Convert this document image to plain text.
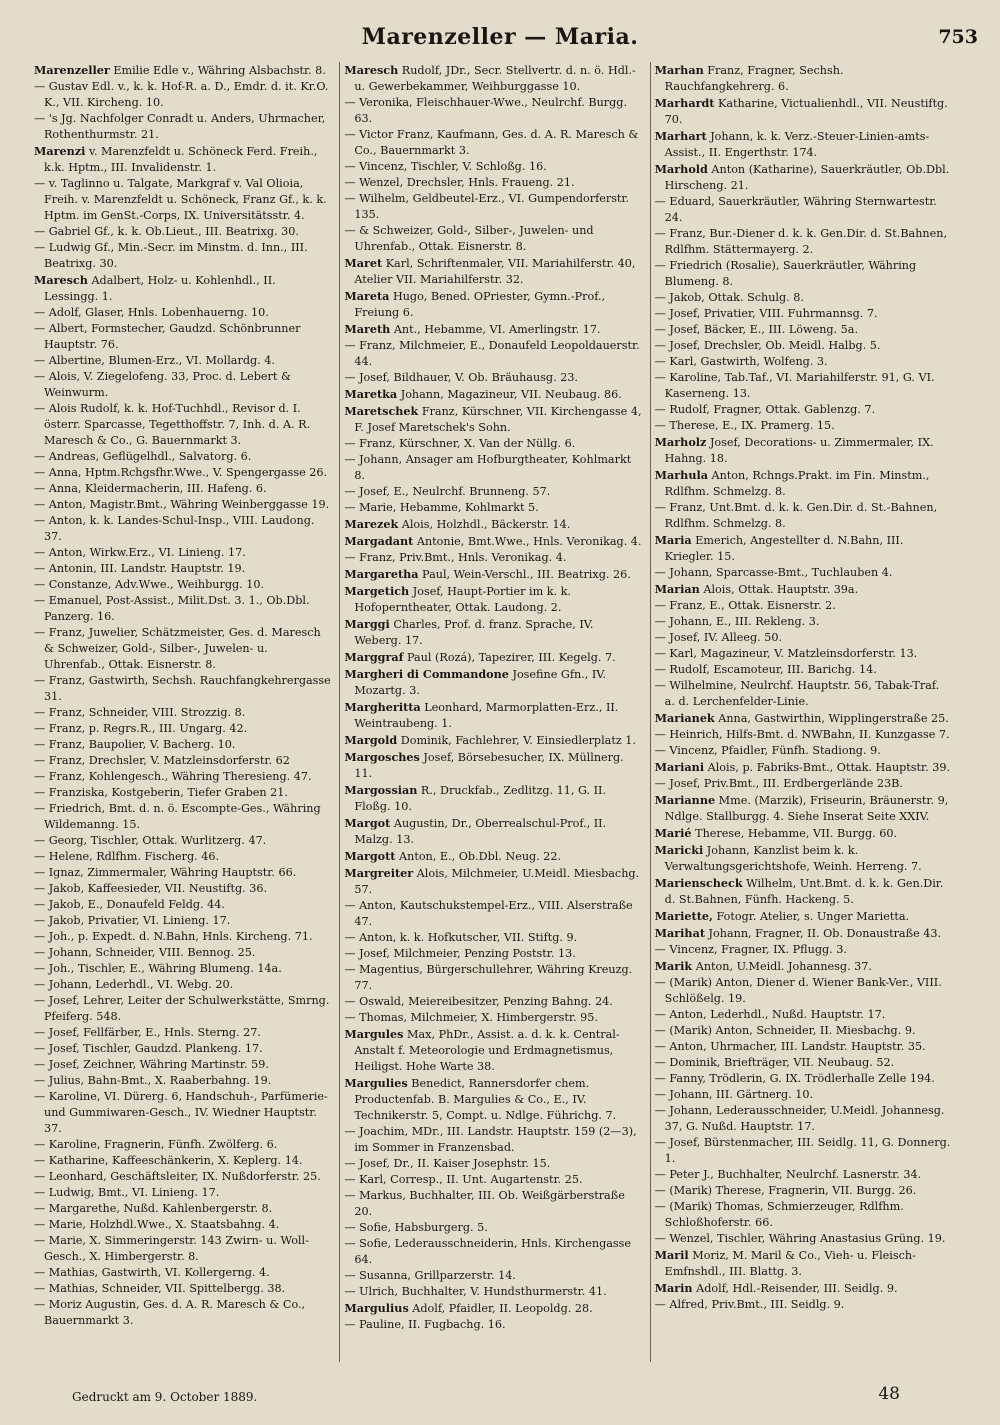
Marenzeller — Maria.	753

Marenzeller Emilie Edle v., Währing Alsbachstr. 8.

— Gustav Edl. v., k. k. Hof-R. a. D., Emdr. d. it. Kr.O. K., VII. Kircheng. 10.

— 's Jg. Nachfolger Conradt u. Anders, Uhrmacher, Rothenthurmstr. 21.

Marenzi v. Marenzfeldt u. Schöneck Ferd. Freih., k.k. Hptm., III. Invalidenstr. 1.

— v. Taglinno u. Talgate, Markgraf v. Val Olioia, Freih. v. Marenzfeldt u. Schöneck, Franz Gf., k. k. Hptm. im GenSt.-Corps, IX. Universitätsstr. 4.

— Gabriel Gf., k. k. Ob.Lieut., III. Beatrixg. 30.

— Ludwig Gf., Min.-Secr. im Minstm. d. Inn., III. Beatrixg. 30.

Maresch Adalbert, Holz- u. Kohlenhdl., II. Lessingg. 1.

— Adolf, Glaser, Hnls. Lobenhauerng. 10.

— Albert, Formstecher, Gaudzd. Schönbrunner Hauptstr. 76.

— Albertine, Blumen-Erz., VI. Mollardg. 4.

— Alois, V. Ziegelofeng. 33, Proc. d. Lebert & Weinwurm.

— Alois Rudolf, k. k. Hof-Tuchhdl., Revisor d. I. österr. Sparcasse, Tegetthoffstr. 7, Inh. d. A. R. Maresch & Co., G. Bauernmarkt 3.

— Andreas, Geflügelhdl., Salvatorg. 6.

— Anna, Hptm.Rchgsfhr.Wwe., V. Spengergasse 26.

— Anna, Kleidermacherin, III. Hafeng. 6.

— Anton, Magistr.Bmt., Währing Weinberggasse 19.

— Anton, k. k. Landes-Schul-Insp., VIII. Laudong. 37.

— Anton, Wirkw.Erz., VI. Linieng. 17.

— Antonin, III. Landstr. Hauptstr. 19.

— Constanze, Adv.Wwe., Weihburgg. 10.

— Emanuel, Post-Assist., Milit.Dst. 3. 1., Ob.Dbl. Panzerg. 16.

— Franz, Juwelier, Schätzmeister, Ges. d. Maresch & Schweizer, Gold-, Silber-, Juwelen- u. Uhrenfab., Ottak. Eisnerstr. 8.

— Franz, Gastwirth, Sechsh. Rauchfangkehrergasse 31.

— Franz, Schneider, VIII. Strozzig. 8.

— Franz, p. Regrs.R., III. Ungarg. 42.

— Franz, Baupolier, V. Bacherg. 10.

— Franz, Drechsler, V. Matzleinsdorferstr. 62

— Franz, Kohlengesch., Währing Theresieng. 47.

— Franziska, Kostgeberin, Tiefer Graben 21.

— Friedrich, Bmt. d. n. ö. Escompte-Ges., Währing Wildemanng. 15.

— Georg, Tischler, Ottak. Wurlitzerg. 47.

— Helene, Rdlfhm. Fischerg. 46.

— Ignaz, Zimmermaler, Währing Hauptstr. 66.

— Jakob, Kaffeesieder, VII. Neustiftg. 36.

— Jakob, E., Donaufeld Feldg. 44.

— Jakob, Privatier, VI. Linieng. 17.

— Joh., p. Expedt. d. N.Bahn, Hnls. Kircheng. 71.

— Johann, Schneider, VIII. Bennog. 25.

— Joh., Tischler, E., Währing Blumeng. 14a.

— Johann, Lederhdl., VI. Webg. 20.

— Josef, Lehrer, Leiter der Schulwerkstätte, Smrng. Pfeiferg. 548.

— Josef, Fellfärber, E., Hnls. Sterng. 27.

— Josef, Tischler, Gaudzd. Plankeng. 17.

— Josef, Zeichner, Währing Martinstr. 59.

— Julius, Bahn-Bmt., X. Raaberbahng. 19.

— Karoline, VI. Dürerg. 6, Handschuh-, Parfümerie- und Gummiwaren-Gesch., IV. Wiedner Hauptstr. 37.

— Karoline, Fragnerin, Fünfh. Zwölferg. 6.

— Katharine, Kaffeeschänkerin, X. Keplerg. 14.

— Leonhard, Geschäftsleiter, IX. Nußdorferstr. 25.

— Ludwig, Bmt., VI. Linieng. 17.

— Margarethe, Nußd. Kahlenbergerstr. 8.

— Marie, Holzhdl.Wwe., X. Staatsbahng. 4.

— Marie, X. Simmeringerstr. 143 Zwirn- u. Woll-Gesch., X. Himbergerstr. 8.

— Mathias, Gastwirth, VI. Kollergerng. 4.

— Mathias, Schneider, VII. Spittelbergg. 38.

— Moriz Augustin, Ges. d. A. R. Maresch & Co., Bauernmarkt 3.

Maresch Rudolf, JDr., Secr. Stellvertr. d. n. ö. Hdl.- u. Gewerbekammer, Weihburggasse 10.

— Veronika, Fleischhauer-Wwe., Neulrchf. Burgg. 63.

— Victor Franz, Kaufmann, Ges. d. A. R. Maresch & Co., Bauernmarkt 3.

— Vincenz, Tischler, V. Schloßg. 16.

— Wenzel, Drechsler, Hnls. Fraueng. 21.

— Wilhelm, Geldbeutel-Erz., VI. Gumpendorferstr. 135.

— & Schweizer, Gold-, Silber-, Juwelen- und Uhrenfab., Ottak. Eisnerstr. 8.

Maret Karl, Schriftenmaler, VII. Mariahilferstr. 40, Atelier VII. Mariahilferstr. 32.

Mareta Hugo, Bened. OPriester, Gymn.-Prof., Freiung 6.

Mareth Ant., Hebamme, VI. Amerlingstr. 17.

— Franz, Milchmeier, E., Donaufeld Leopoldauerstr. 44.

— Josef, Bildhauer, V. Ob. Bräuhausg. 23.

Maretka Johann, Magazineur, VII. Neubaug. 86.

Maretschek Franz, Kürschner, VII. Kirchengasse 4, F. Josef Maretschek's Sohn.

— Franz, Kürschner, X. Van der Nüllg. 6.

— Johann, Ansager am Hofburgtheater, Kohlmarkt 8.

— Josef, E., Neulrchf. Brunneng. 57.

— Marie, Hebamme, Kohlmarkt 5.

Marezek Alois, Holzhdl., Bäckerstr. 14.

Margadant Antonie, Bmt.Wwe., Hnls. Veronikag. 4.

— Franz, Priv.Bmt., Hnls. Veronikag. 4.

Margaretha Paul, Wein-Verschl., III. Beatrixg. 26.

Margetich Josef, Haupt-Portier im k. k. Hofoperntheater, Ottak. Laudong. 2.

Marggi Charles, Prof. d. franz. Sprache, IV. Weberg. 17.

Marggraf Paul (Rozá), Tapezirer, III. Kegelg. 7.

Margheri di Commandone Josefine Gfn., IV. Mozartg. 3.

Margheritta Leonhard, Marmorplatten-Erz., II. Weintraubeng. 1.

Margold Dominik, Fachlehrer, V. Einsiedlerplatz 1.

Margosches Josef, Börsebesucher, IX. Müllnerg. 11.

Margossian R., Druckfab., Zedlitzg. 11, G. II. Floßg. 10.

Margot Augustin, Dr., Oberrealschul-Prof., II. Malzg. 13.

Margott Anton, E., Ob.Dbl. Neug. 22.

Margreiter Alois, Milchmeier, U.Meidl. Miesbachg. 57.

— Anton, Kautschukstempel-Erz., VIII. Alserstraße 47.

— Anton, k. k. Hofkutscher, VII. Stiftg. 9.

— Josef, Milchmeier, Penzing Poststr. 13.

— Magentius, Bürgerschullehrer, Währing Kreuzg. 77.

— Oswald, Meiereibesitzer, Penzing Bahng. 24.

— Thomas, Milchmeier, X. Himbergerstr. 95.

Margules Max, PhDr., Assist. a. d. k. k. Central-Anstalt f. Meteorologie und Erdmagnetismus, Heiligst. Hohe Warte 38.

Margulies Benedict, Rannersdorfer chem. Productenfab. B. Margulies & Co., E., IV. Technikerstr. 5, Compt. u. Ndlge. Führichg. 7.

— Joachim, MDr., III. Landstr. Hauptstr. 159 (2—3), im Sommer in Franzensbad.

— Josef, Dr., II. Kaiser Josephstr. 15.

— Karl, Corresp., II. Unt. Augartenstr. 25.

— Markus, Buchhalter, III. Ob. Weißgärberstraße 20.

— Sofie, Habsburgerg. 5.

— Sofie, Lederausschneiderin, Hnls. Kirchengasse 64.

— Susanna, Grillparzerstr. 14.

— Ulrich, Buchhalter, V. Hundsthurmerstr. 41.

Margulius Adolf, Pfaidler, II. Leopoldg. 28.

— Pauline, II. Fugbachg. 16.

Marhan Franz, Fragner, Sechsh. Rauchfangkehrerg. 6.

Marhardt Katharine, Victualienhdl., VII. Neustiftg. 70.

Marhart Johann, k. k. Verz.-Steuer-Linien-amts-Assist., II. Engerthstr. 174.

Marhold Anton (Katharine), Sauerkräutler, Ob.Dbl. Hirscheng. 21.

— Eduard, Sauerkräutler, Währing Sternwartestr. 24.

— Franz, Bur.-Diener d. k. k. Gen.Dir. d. St.Bahnen, Rdlfhm. Stättermayerg. 2.

— Friedrich (Rosalie), Sauerkräutler, Währing Blumeng. 8.

— Jakob, Ottak. Schulg. 8.

— Josef, Privatier, VIII. Fuhrmannsg. 7.

— Josef, Bäcker, E., III. Löweng. 5a.

— Josef, Drechsler, Ob. Meidl. Halbg. 5.

— Karl, Gastwirth, Wolfeng. 3.

— Karoline, Tab.Taf., VI. Mariahilferstr. 91, G. VI. Kaserneng. 13.

— Rudolf, Fragner, Ottak. Gablenzg. 7.

— Therese, E., IX. Pramerg. 15.

Marholz Josef, Decorations- u. Zimmermaler, IX. Hahng. 18.

Marhula Anton, Rchngs.Prakt. im Fin. Minstm., Rdlfhm. Schmelzg. 8.

— Franz, Unt.Bmt. d. k. k. Gen.Dir. d. St.-Bahnen, Rdlfhm. Schmelzg. 8.

Maria Emerich, Angestellter d. N.Bahn, III. Kriegler. 15.

— Johann, Sparcasse-Bmt., Tuchlauben 4.

Marian Alois, Ottak. Hauptstr. 39a.

— Franz, E., Ottak. Eisnerstr. 2.

— Johann, E., III. Rekleng. 3.

— Josef, IV. Alleeg. 50.

— Karl, Magazineur, V. Matzleinsdorferstr. 13.

— Rudolf, Escamoteur, III. Barichg. 14.

— Wilhelmine, Neulrchf. Hauptstr. 56, Tabak-Traf. a. d. Lerchenfelder-Linie.

Marianek Anna, Gastwirthin, Wipplingerstraße 25.

— Heinrich, Hilfs-Bmt. d. NWBahn, II. Kunzgasse 7.

— Vincenz, Pfaidler, Fünfh. Stadiong. 9.

Mariani Alois, p. Fabriks-Bmt., Ottak. Hauptstr. 39.

— Josef, Priv.Bmt., III. Erdbergerlände 23B.

Marianne Mme. (Marzik), Friseurin, Bräunerstr. 9, Ndlge. Stallburgg. 4. Siehe Inserat Seite XXIV.

Marié Therese, Hebamme, VII. Burgg. 60.

Maricki Johann, Kanzlist beim k. k. Verwaltungsgerichtshofe, Weinh. Herreng. 7.

Marienscheck Wilhelm, Unt.Bmt. d. k. k. Gen.Dir. d. St.Bahnen, Fünfh. Hackeng. 5.

Mariette, Fotogr. Atelier, s. Unger Marietta.

Marihat Johann, Fragner, II. Ob. Donaustraße 43.

— Vincenz, Fragner, IX. Pflugg. 3.

Marik Anton, U.Meidl. Johannesg. 37.

— (Marik) Anton, Diener d. Wiener Bank-Ver., VIII. Schlößelg. 19.

— Anton, Lederhdl., Nußd. Hauptstr. 17.

— (Marik) Anton, Schneider, II. Miesbachg. 9.

— Anton, Uhrmacher, III. Landstr. Hauptstr. 35.

— Dominik, Briefträger, VII. Neubaug. 52.

— Fanny, Trödlerin, G. IX. Trödlerhalle Zelle 194.

— Johann, III. Gärtnerg. 10.

— Johann, Lederausschneider, U.Meidl. Johannesg. 37, G. Nußd. Hauptstr. 17.

— Josef, Bürstenmacher, III. Seidlg. 11, G. Donnerg. 1.

— Peter J., Buchhalter, Neulrchf. Lasnerstr. 34.

— (Marik) Therese, Fragnerin, VII. Burgg. 26.

— (Marik) Thomas, Schmierzeuger, Rdlfhm. Schloßhoferstr. 66.

— Wenzel, Tischler, Währing Anastasius Grüng. 19.

Maril Moriz, M. Maril & Co., Vieh- u. Fleisch-Emfnshdl., III. Blattg. 3.

Marin Adolf, Hdl.-Reisender, III. Seidlg. 9.

— Alfred, Priv.Bmt., III. Seidlg. 9.

Gedruckt am 9. October 1889.	48
